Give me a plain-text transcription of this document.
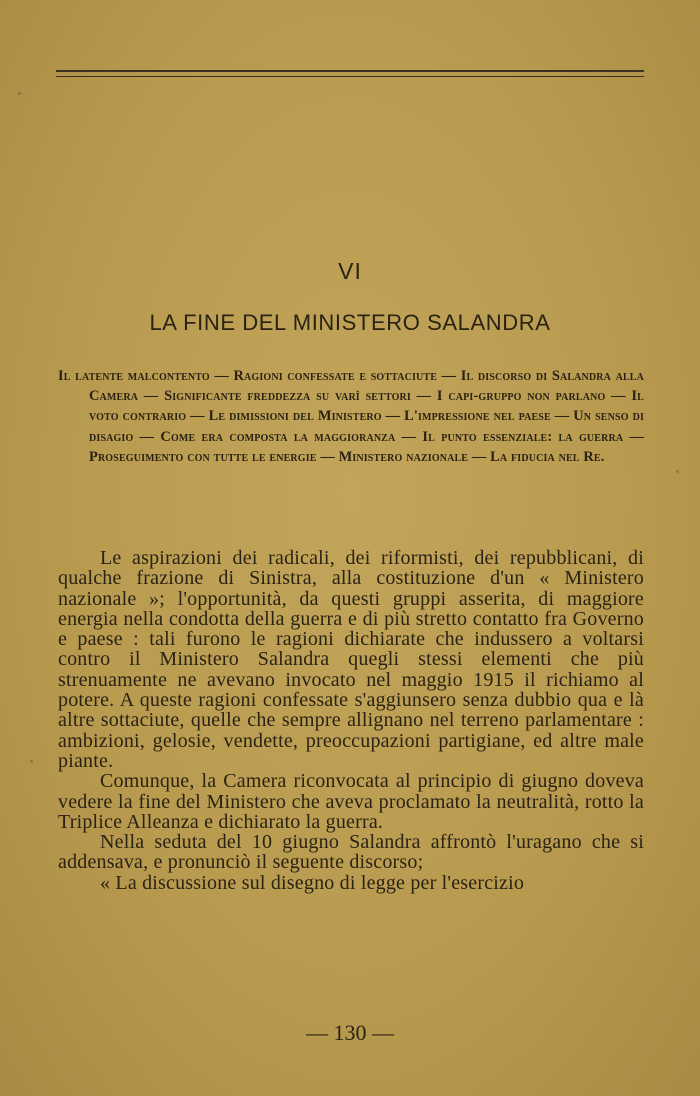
VI
LA FINE DEL MINISTERO SALANDRA
Il latente malcontento — Ragioni confessate e sottaciute — Il discorso di Salandra alla Camera — Significante freddezza su varî settori — I capi-gruppo non parlano — Il voto contrario — Le dimissioni del Ministero — L'impressione nel paese — Un senso di disagio — Come era composta la maggioranza — Il punto essenziale: la guerra — Proseguimento con tutte le energie — Ministero nazionale — La fiducia nel Re.

Le aspirazioni dei radicali, dei riformisti, dei repubblicani, di qualche frazione di Sinistra, alla costituzione d'un « Ministero nazionale »; l'opportunità, da questi gruppi asserita, di maggiore energia nella condotta della guerra e di più stretto contatto fra Governo e paese : tali furono le ragioni dichiarate che indussero a voltarsi contro il Ministero Salandra quegli stessi elementi che più strenuamente ne avevano invocato nel maggio 1915 il richiamo al potere. A queste ragioni confessate s'aggiunsero senza dubbio qua e là altre sottaciute, quelle che sempre allignano nel terreno parlamentare : ambizioni, gelosie, vendette, preoccupazioni partigiane, ed altre male piante.

Comunque, la Camera riconvocata al principio di giugno doveva vedere la fine del Ministero che aveva proclamato la neutralità, rotto la Triplice Alleanza e dichiarato la guerra.

Nella seduta del 10 giugno Salandra affrontò l'uragano che si addensava, e pronunciò il seguente discorso;

« La discussione sul disegno di legge per l'esercizio

— 130 —
